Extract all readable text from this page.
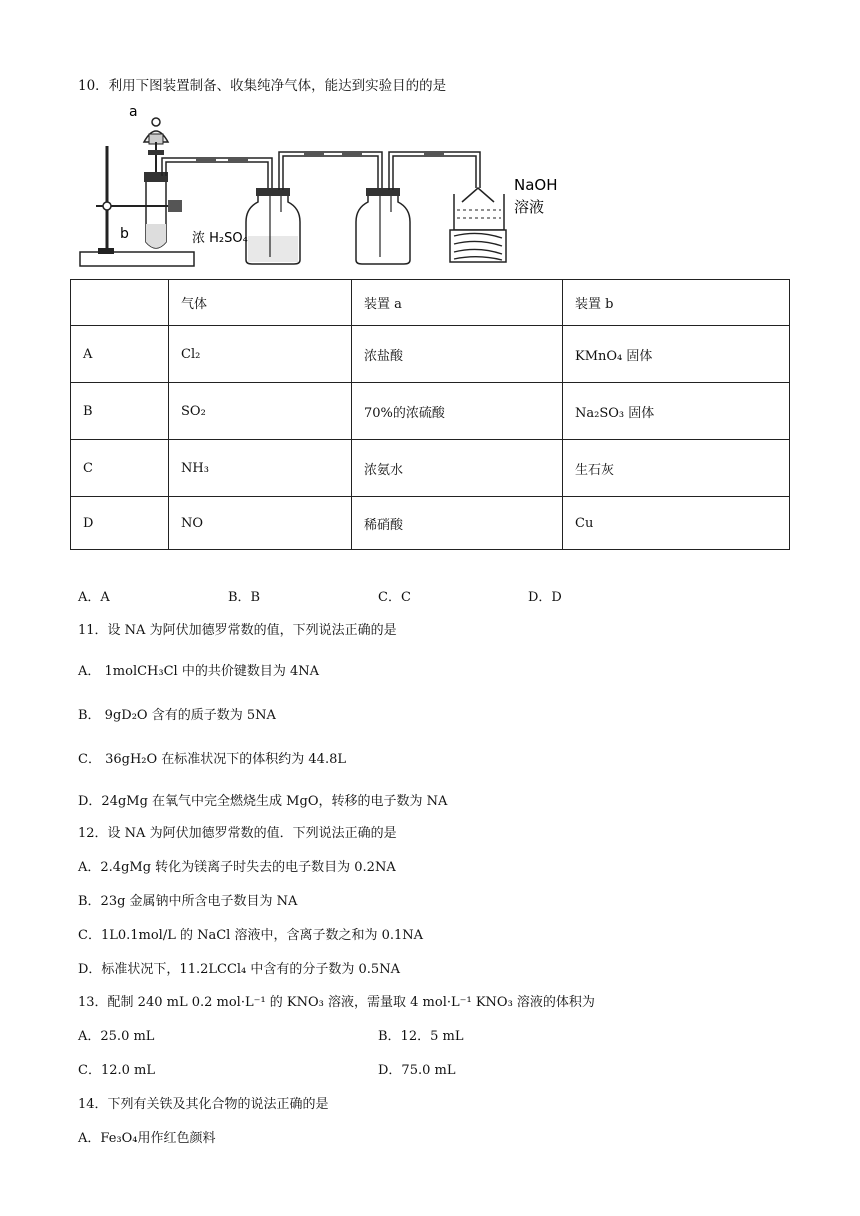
10．利用下图装置制备、收集纯净气体，能达到实验目的的是
a
b	浓 H₂SO₄
NaOH
溶液
	气体	装置 a	装置 b
A	Cl₂	浓盐酸	KMnO₄ 固体
B	SO₂	70%的浓硫酸	Na₂SO₃ 固体
C	NH₃	浓氨水	生石灰
D	NO	稀硝酸	Cu
A．A	B．B	C．C	D．D
11．设 NA 为阿伏加德罗常数的值，下列说法正确的是
A． 1molCH₃Cl 中的共价键数目为 4NA
B． 9gD₂O 含有的质子数为 5NA
C． 36gH₂O 在标准状况下的体积约为 44.8L
D．24gMg 在氧气中完全燃烧生成 MgO，转移的电子数为 NA
12．设 NA 为阿伏加德罗常数的值．下列说法正确的是
A．2.4gMg 转化为镁离子时失去的电子数目为 0.2NA
B．23g 金属钠中所含电子数目为 NA
C．1L0.1mol/L 的 NaCl 溶液中，含离子数之和为 0.1NA
D．标准状况下，11.2LCCl₄ 中含有的分子数为 0.5NA
13．配制 240 mL 0.2 mol·L⁻¹ 的 KNO₃ 溶液，需量取 4 mol·L⁻¹ KNO₃ 溶液的体积为
A．25.0 mL	B．12．5 mL
C．12.0 mL	D．75.0 mL
14．下列有关铁及其化合物的说法正确的是
A．Fe₃O₄用作红色颜料
